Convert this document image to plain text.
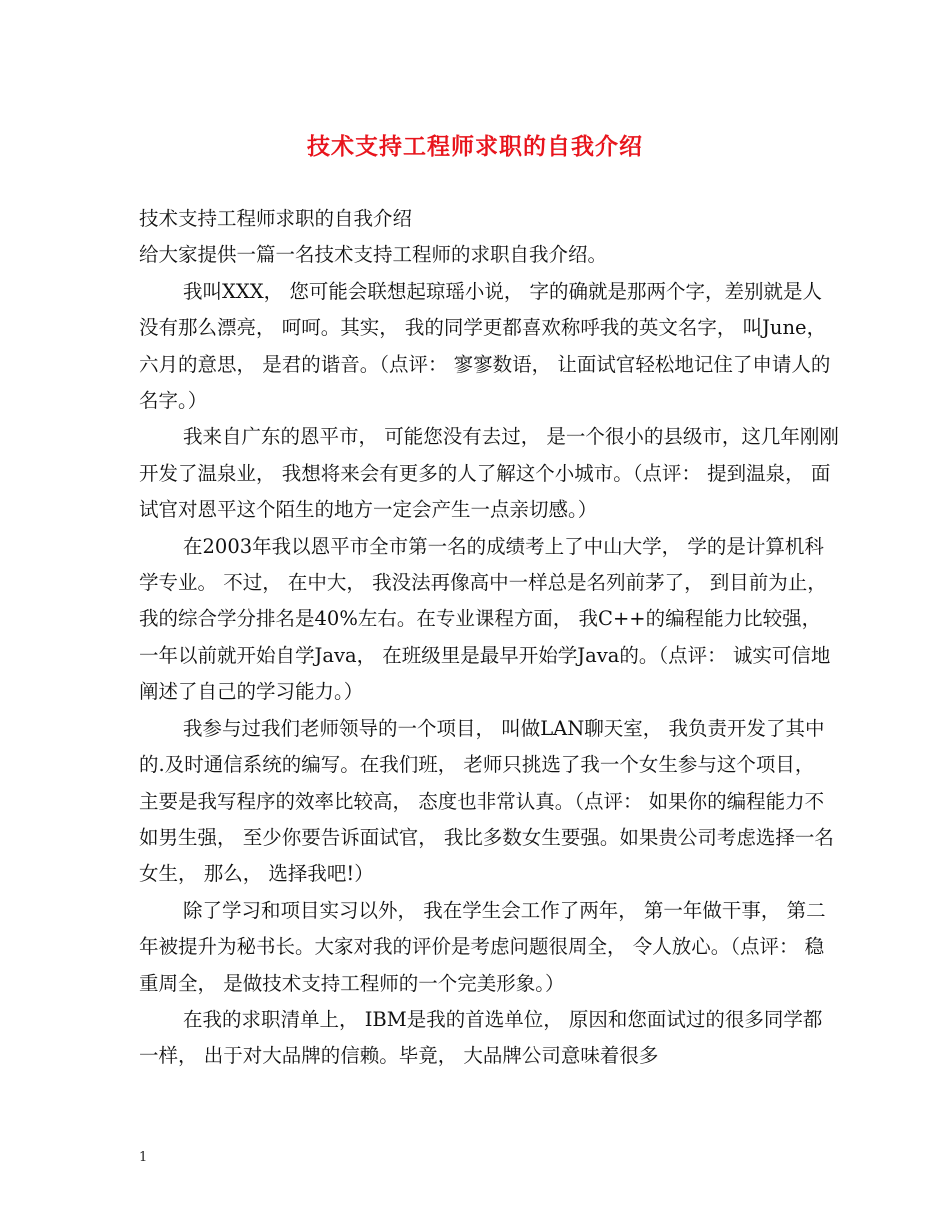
技术支持工程师求职的自我介绍

技术支持工程师求职的自我介绍

给大家提供一篇一名技术支持工程师的求职自我介绍。

我叫XXX， 您可能会联想起琼瑶小说， 字的确就是那两个字，差别就是人没有那么漂亮， 呵呵。其实， 我的同学更都喜欢称呼我的英文名字， 叫June， 六月的意思， 是君的谐音。（点评： 寥寥数语， 让面试官轻松地记住了申请人的名字。）

我来自广东的恩平市， 可能您没有去过， 是一个很小的县级市，这几年刚刚开发了温泉业， 我想将来会有更多的人了解这个小城市。（点评： 提到温泉， 面试官对恩平这个陌生的地方一定会产生一点亲切感。）

在2003年我以恩平市全市第一名的成绩考上了中山大学， 学的是计算机科学专业。 不过， 在中大， 我没法再像高中一样总是名列前茅了， 到目前为止， 我的综合学分排名是40%左右。在专业课程方面， 我C++的编程能力比较强， 一年以前就开始自学Java， 在班级里是最早开始学Java的。（点评： 诚实可信地阐述了自己的学习能力。）

我参与过我们老师领导的一个项目， 叫做LAN聊天室， 我负责开发了其中的.及时通信系统的编写。在我们班， 老师只挑选了我一个女生参与这个项目， 主要是我写程序的效率比较高， 态度也非常认真。（点评： 如果你的编程能力不如男生强， 至少你要告诉面试官， 我比多数女生要强。如果贵公司考虑选择一名女生， 那么， 选择我吧!）

除了学习和项目实习以外， 我在学生会工作了两年， 第一年做干事， 第二年被提升为秘书长。大家对我的评价是考虑问题很周全， 令人放心。（点评： 稳重周全， 是做技术支持工程师的一个完美形象。）

在我的求职清单上， IBM是我的首选单位， 原因和您面试过的很多同学都一样， 出于对大品牌的信赖。毕竟， 大品牌公司意味着很多

1
